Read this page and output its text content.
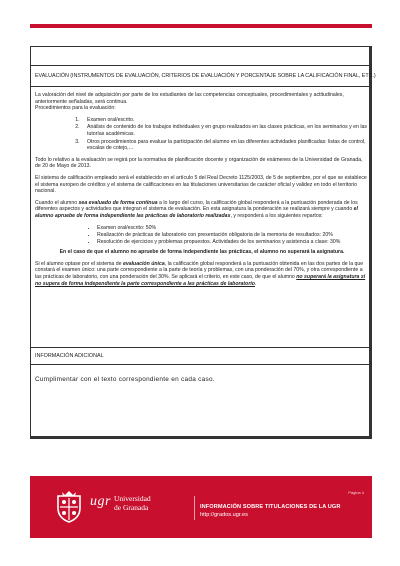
EVALUACIÓN (INSTRUMENTOS DE EVALUACIÓN, CRITERIOS DE EVALUACIÓN Y PORCENTAJE SOBRE LA CALIFICACIÓN FINAL, ETC.)

La valoración del nivel de adquisición por parte de los estudiantes de las competencias conceptuales, procedimentales y actitudinales, anteriormente señaladas, será continua.
Procedimientos para la evaluación:

1. Examen oral/escrito.
2. Análisis de contenido de los trabajos individuales y en grupo realizados en las clases prácticas, en los seminarios y en las tutorías académicas.
3. Otros procedimientos para evaluar la participación del alumno en las diferentes actividades planificadas: listas de control, escalas de cotejo,…

Todo lo relativo a la evaluación se regirá por la normativa de planificación docente y organización de exámenes de la Universidad de Granada, de 20 de Mayo de 2013.

El sistema de calificación empleado será el establecido en el artículo 5 del Real Decreto 1125/2003, de 5 de septiembre, por el que se establece el sistema europeo de créditos y el sistema de calificaciones en las titulaciones universitarias de carácter oficial y validez en todo el territorio nacional.

Cuando el alumno sea evaluado de forma continua a lo largo del curso, la calificación global responderá a la puntuación ponderada de los diferentes aspectos y actividades que integran el sistema de evaluación. En esta asignatura la ponderación se realizará siempre y cuando el alumno apruebe de forma independiente las prácticas de laboratorio realizadas, y responderá a los siguientes repartos:

• Examen oral/escrito: 50%
• Realización de prácticas de laboratorio con presentación obligatoria de la memoria de resultados: 20%
• Resolución de ejercicios y problemas propuestos. Actividades de los seminarios y asistencia a clase: 30%

En el caso de que el alumno no apruebe de forma independiente las prácticas, el alumno no superará la asignatura.

Si el alumno optase por el sistema de evaluación única, la calificación global responderá a la puntuación obtenida en las dos partes de la que constará el examen único: una parte correspondiente a la parte de teoría y problemas, con una ponderación del 70%, y otra correspondiente a las prácticas de laboratorio, con una ponderación del 30%. Se aplicará el criterio, en este caso, de que el alumno no superará la asignatura si no supera de forma independiente la parte correspondiente a las prácticas de laboratorio.

INFORMACIÓN ADICIONAL
Cumplimentar con el texto correspondiente en cada caso.
ugr Universidad
de Granada
Página 4
INFORMACIÓN SOBRE TITULACIONES DE LA UGR
http://grados.ugr.es
